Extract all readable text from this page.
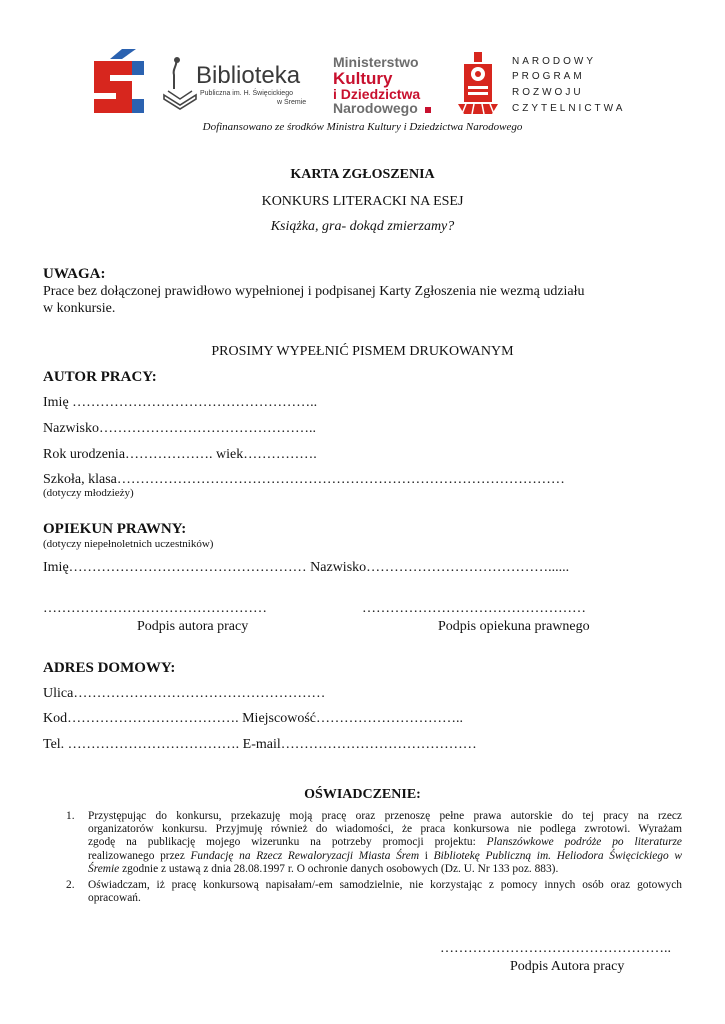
Biblioteka
Publiczna im. H. Święcickiego
w Śremie
Ministerstwo
Kultury
i Dziedzictwa
Narodowego
NARODOWY
PROGRAM
ROZWOJU
CZYTELNICTWA
Dofinansowano ze środków Ministra Kultury i Dziedzictwa Narodowego
KARTA ZGŁOSZENIA
KONKURS LITERACKI NA ESEJ
Książka, gra- dokąd zmierzamy?
UWAGA:
Prace bez dołączonej prawidłowo wypełnionej i podpisanej Karty Zgłoszenia nie wezmą udziału
w konkursie.
PROSIMY WYPEŁNIĆ PISMEM DRUKOWANYM
AUTOR PRACY:
Imię ……………………………………………..
Nazwisko………………………………………..
Rok urodzenia………………. wiek…………….
Szkoła, klasa……………………………………………………………………………………
(dotyczy młodzieży)
OPIEKUN PRAWNY:
(dotyczy niepełnoletnich uczestników)
Imię…………………………………………… Nazwisko…………………………………......
…………………………………………
Podpis autora pracy
…………………………………………
Podpis opiekuna prawnego
ADRES DOMOWY:
Ulica………………………………………………
Kod………………………………. Miejscowość…………………………..
Tel. ………………………………. E-mail……………………………………
OŚWIADCZENIE:
1. Przystępując do konkursu, przekazuję moją pracę oraz przenoszę pełne prawa autorskie do tej pracy na rzecz
organizatorów konkursu. Przyjmuję również do wiadomości, że praca konkursowa nie podlega zwrotowi. Wyrażam
zgodę na publikację mojego wizerunku na potrzeby promocji projektu: Planszówkowe podróże po literaturze
realizowanego przez Fundację na Rzecz Rewaloryzacji Miasta Śrem i Bibliotekę Publiczną im. Heliodora Święcickiego w
Śremie zgodnie z ustawą z dnia 28.08.1997 r. O ochronie danych osobowych (Dz. U. Nr 133 poz. 883).
2. Oświadczam, iż pracę konkursową napisałam/-em samodzielnie, nie korzystając z pomocy innych osób oraz gotowych
opracowań.
…………………………………………..
Podpis Autora pracy
